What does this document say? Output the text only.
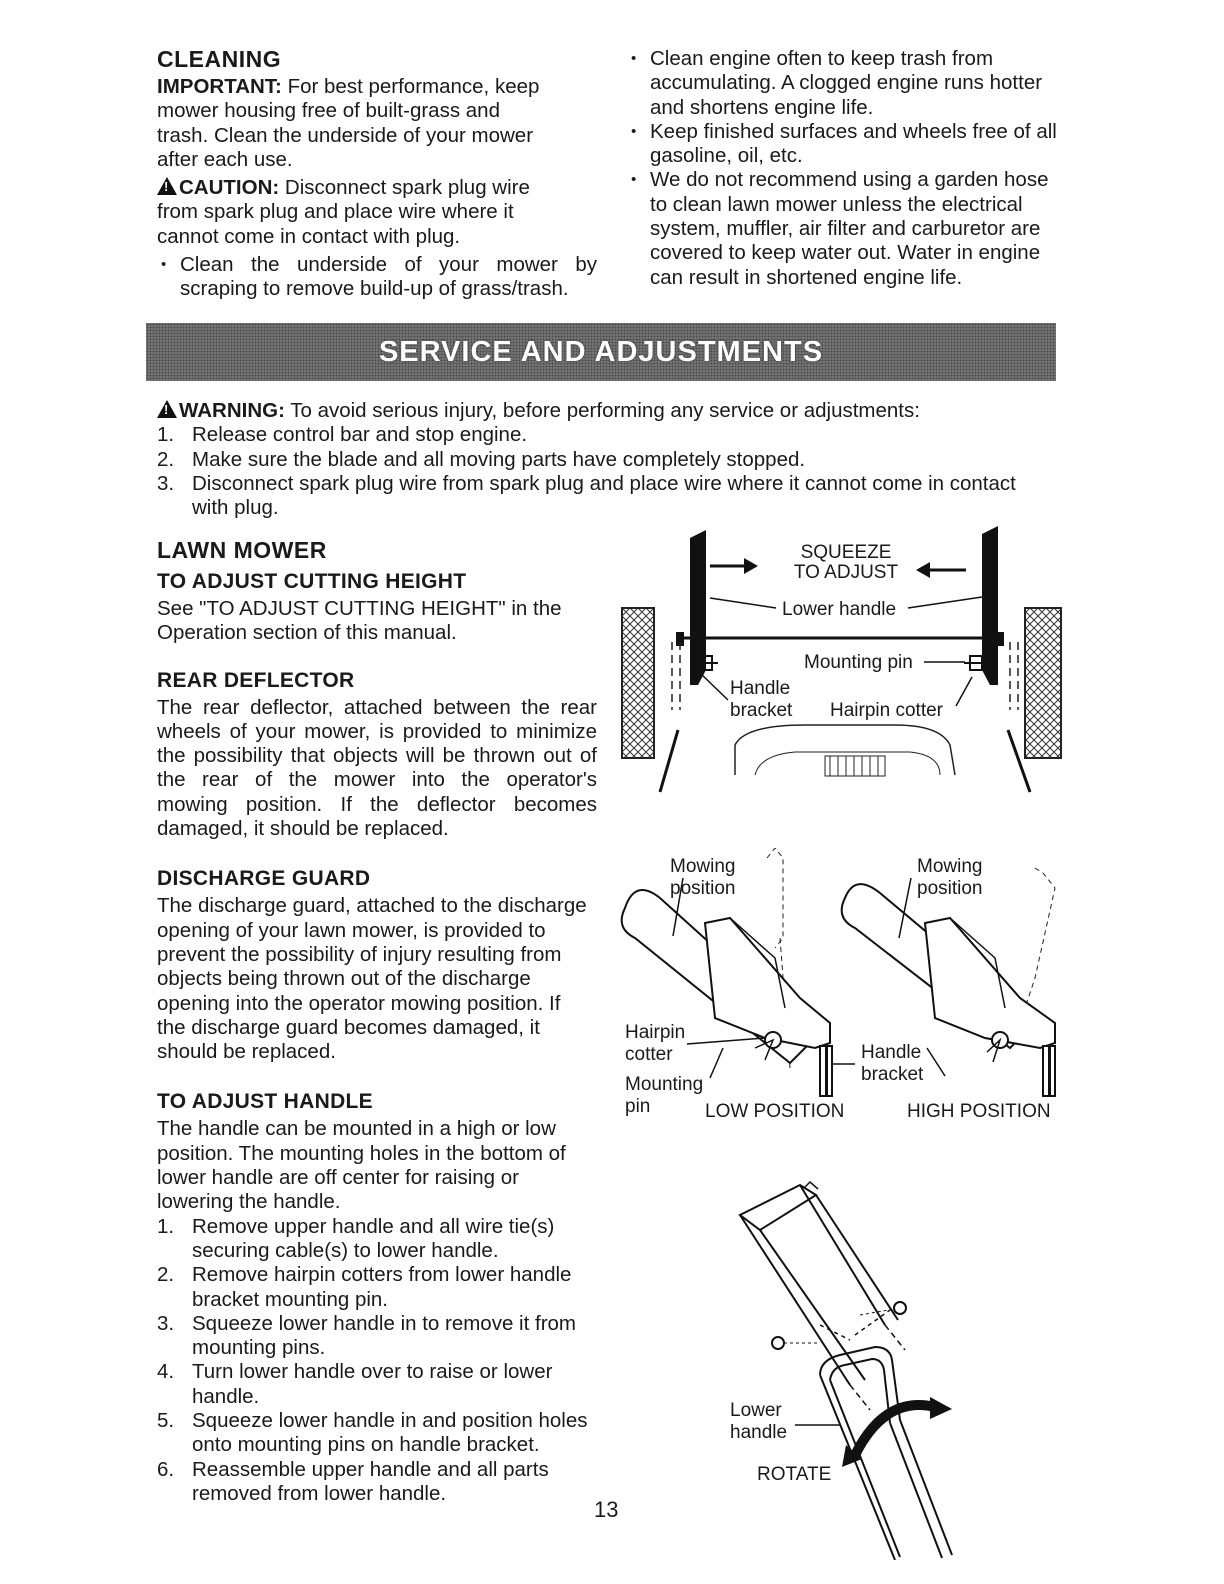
CLEANING
IMPORTANT: For best performance, keep
mower housing free of built-grass and
trash. Clean the underside of your mower
after each use.
!CAUTION: Disconnect spark plug wire
from spark plug and place wire where it
cannot come in contact with plug.
• Clean the underside of your mower by scraping to remove build-up of grass/trash.
• Clean engine often to keep trash from accumulating. A clogged engine runs hotter and shortens engine life.
• Keep finished surfaces and wheels free of all gasoline, oil, etc.
• We do not recommend using a garden hose to clean lawn mower unless the electrical system, muffler, air filter and carburetor are covered to keep water out. Water in engine can result in shortened engine life.
SERVICE AND ADJUSTMENTS
!WARNING: To avoid serious injury, before performing any service or adjustments:
1. Release control bar and stop engine.
2. Make sure the blade and all moving parts have completely stopped.
3. Disconnect spark plug wire from spark plug and place wire where it cannot come in contact with plug.
LAWN MOWER
TO ADJUST CUTTING HEIGHT
See "TO ADJUST CUTTING HEIGHT" in the Operation section of this manual.
REAR DEFLECTOR
The rear deflector, attached between the rear wheels of your mower, is provided to minimize the possibility that objects will be thrown out of the rear of the mower into the operator's mowing position. If the deflector becomes damaged, it should be replaced.
DISCHARGE GUARD
The discharge guard, attached to the discharge opening of your lawn mower, is provided to prevent the possibility of injury resulting from objects being thrown out of the discharge opening into the operator mowing position. If the discharge guard becomes damaged, it should be replaced.
TO ADJUST HANDLE
The handle can be mounted in a high or low position. The mounting holes in the bottom of lower handle are off center for raising or lowering the handle.
1. Remove upper handle and all wire tie(s) securing cable(s) to lower handle.
2. Remove hairpin cotters from lower handle bracket mounting pin.
3. Squeeze lower handle in to remove it from mounting pins.
4. Turn lower handle over to raise or lower handle.
5. Squeeze lower handle in and position holes onto mounting pins on handle bracket.
6. Reassemble upper handle and all parts removed from lower handle.
SQUEEZE
TO ADJUST
Lower handle
Mounting pin
Handle
bracket Hairpin cotter
Mowing
position
Mowing
position
Hairpin
cotter
Mounting
pin
Handle
bracket
LOW POSITION	HIGH POSITION
Lower
handle
ROTATE
13
